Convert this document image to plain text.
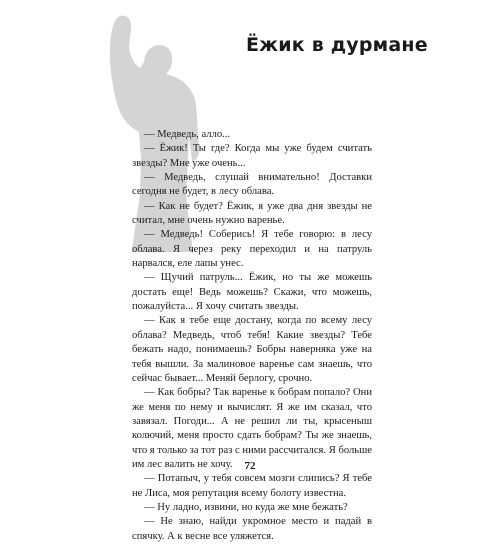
Ёжик в дурмане

— Медведь, алло...

— Ёжик! Ты где? Когда мы уже будем считать звезды? Мне уже очень...

— Медведь, слушай внимательно! Доставки сегодня не будет, в лесу облава.

— Как не будет? Ёжик, я уже два дня звезды не считал, мне очень нужно варенье.

— Медведь! Соберись! Я тебе говорю: в лесу облава. Я через реку переходил и на патруль нарвался, еле лапы унес.

— Щучий патруль... Ёжик, но ты же можешь достать еще! Ведь можешь? Скажи, что можешь, пожалуйста... Я хочу считать звезды.

— Как я тебе еще достану, когда по всему лесу облава? Медведь, чтоб тебя! Какие звезды? Тебе бежать надо, понимаешь? Бобры наверняка уже на тебя вышли. За малиновое варенье сам знаешь, что сейчас бывает... Меняй берлогу, срочно.

— Как бобры? Так варенье к бобрам попало? Они же меня по нему и вычислят. Я же им сказал, что завязал. Погоди... А не решил ли ты, крысеныш колючий, меня просто сдать бобрам? Ты же знаешь, что я только за тот раз с ними рассчитался. Я больше им лес валить не хочу.

— Потапыч, у тебя совсем мозги слипись? Я тебе не Лиса, моя репутация всему болоту известна.

— Ну ладно, извини, но куда же мне бежать?

— Не знаю, найди укромное место и падай в спячку. А к весне все уляжется.

72
